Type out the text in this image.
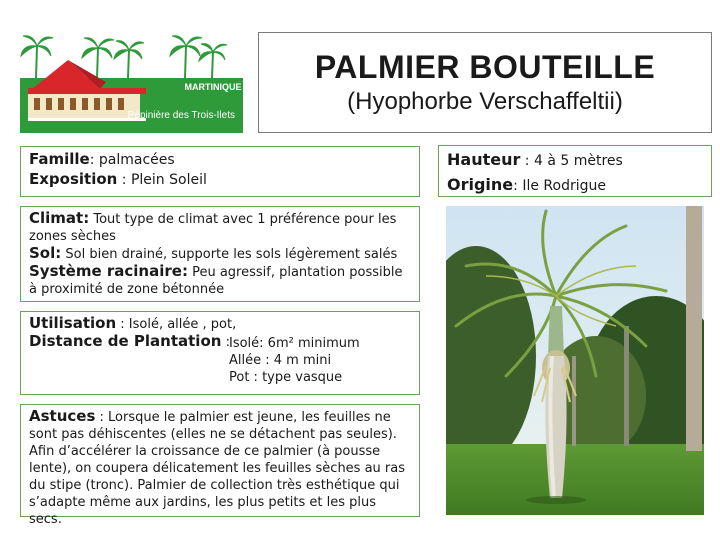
MARTINIQUE
Pépinière des Trois-Ilets
PALMIER BOUTEILLE
(Hyophorbe Verschaffeltii)
Famille: palmacées
Exposition : Plein Soleil
Hauteur : 4 à 5 mètres
Origine: Ile Rodrigue
Climat: Tout type de climat avec 1 préférence pour les zones sèches
Sol: Sol bien drainé, supporte les sols légèrement salés
Système racinaire: Peu agressif, plantation possible à proximité de zone bétonnée
Utilisation : Isolé, allée , pot,
Distance de Plantation : Isolé: 6m² minimum
Allée : 4 m mini
Pot : type vasque
Astuces : Lorsque le palmier est jeune, les feuilles ne sont pas déhiscentes (elles ne se détachent pas seules). Afin d’accélérer la croissance de ce palmier (à pousse lente), on coupera délicatement les feuilles sèches au ras du stipe (tronc). Palmier de collection très esthétique qui s’adapte même aux jardins, les plus petits et les plus secs.
